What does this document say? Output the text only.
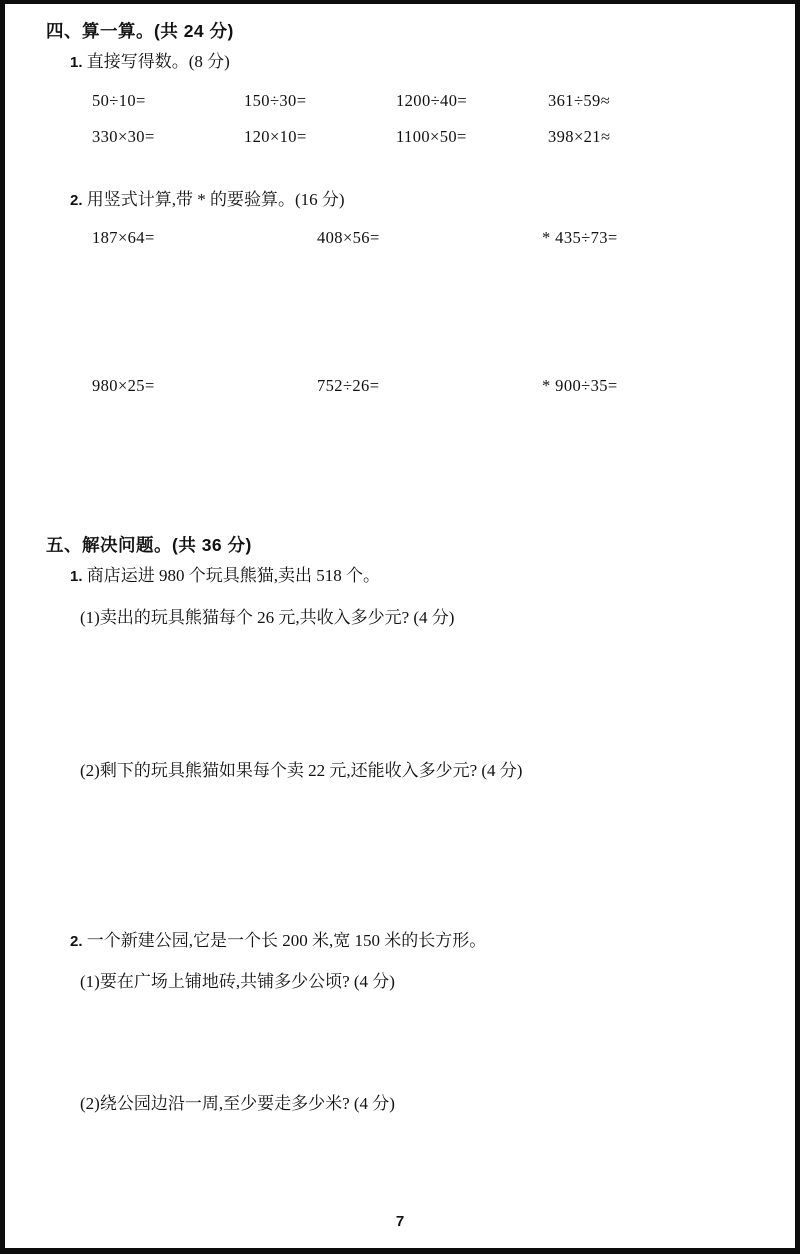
四、算一算。(共 24 分)

1. 直接写得数。(8 分)

50÷10=	150÷30=	1200÷40=	361÷59≈
330×30=	120×10=	1100×50=	398×21≈

2. 用竖式计算,带 * 的要验算。(16 分)

187×64=	408×56=	* 435÷73=
980×25=	752÷26=	* 900÷35=
五、解决问题。(共 36 分)

1. 商店运进 980 个玩具熊猫,卖出 518 个。

(1)卖出的玩具熊猫每个 26 元,共收入多少元? (4 分)

(2)剩下的玩具熊猫如果每个卖 22 元,还能收入多少元? (4 分)

2. 一个新建公园,它是一个长 200 米,宽 150 米的长方形。

(1)要在广场上铺地砖,共铺多少公顷? (4 分)

(2)绕公园边沿一周,至少要走多少米? (4 分)

7
